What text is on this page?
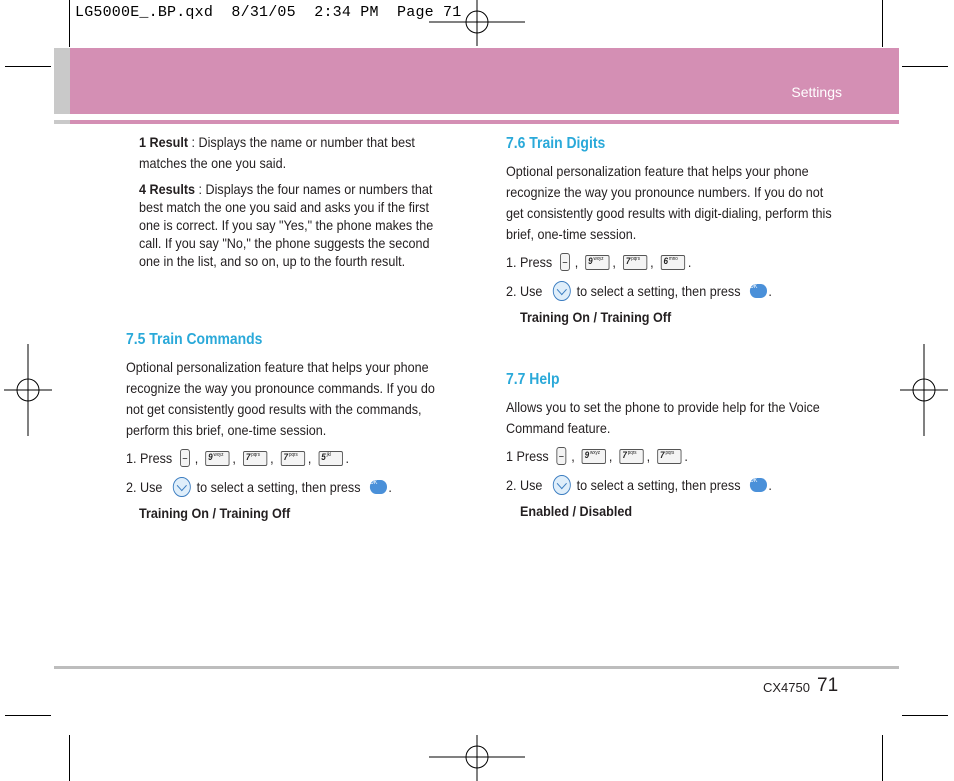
LG5000E_.BP.qxd  8/31/05  2:34 PM  Page 71
Settings
1 Result : Displays the name or number that best matches the one you said.
4 Results : Displays the four names or numbers that best match the one you said and asks you if the first one is correct. If you say "Yes," the phone makes the call. If you say "No," the phone suggests the second one in the list, and so on, up to the fourth result.
7.5 Train Commands
Optional personalization feature that helps your phone recognize the way you pronounce commands. If you do not get consistently good results with the commands, perform this brief, one-time session.
1. Press ,	$9^{wxyz}$ ,	$7^{pqrs}$ ,	$7^{pqrs}$ ,	$5^{jkl}$	.
2. Use to select a setting, then press OK .
Training On / Training Off
7.6 Train Digits
Optional personalization feature that helps your phone recognize the way you pronounce numbers. If you do not get consistently good results with digit-dialing, perform this brief, one-time session.
1. Press ,	$9^{wxyz}$ , $7^{pqrs}$ ,	$6^{mno}$ .
2. Use to select a setting, then press OK .
Training On / Training Off
7.7 Help
Allows you to set the phone to provide help for the Voice Command feature.
1 Press , $9^{wxyz}$ ,	$7^{pqrs}$ ,	$7^{pqrs}$ .
2. Use to select a setting, then press OK .
Enabled / Disabled
CX4750 71
